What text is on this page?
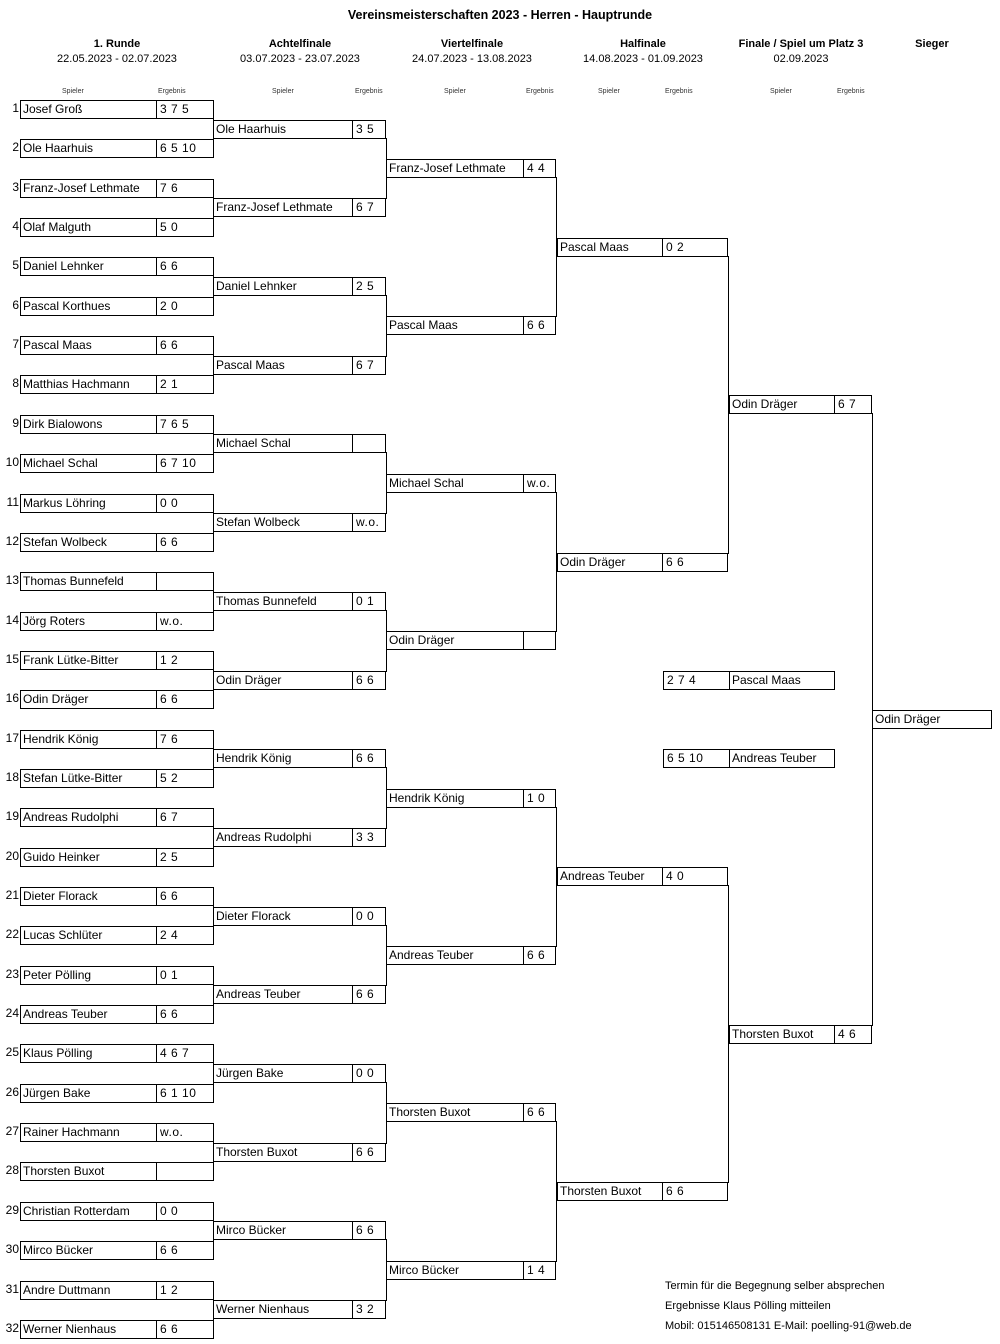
Vereinsmeisterschaften 2023 - Herren - Hauptrunde
1. Runde
22.05.2023 - 02.07.2023
Achtelfinale
03.07.2023 - 23.07.2023
Viertelfinale
24.07.2023 - 13.08.2023
Halfinale
14.08.2023 - 01.09.2023
Finale / Spiel um Platz 3
02.09.2023
Sieger
Spieler	Ergebnis	Spieler	Ergebnis	Spieler	Ergebnis	Spieler	Ergebnis	Spieler	Ergebnis
1 Josef Groß	3 7 5
2 Ole Haarhuis	6 5 10
3 Franz-Josef Lethmate	7 6
4 Olaf Malguth	5 0
5 Daniel Lehnker	6 6
6 Pascal Korthues	2 0
7 Pascal Maas	6 6
8 Matthias Hachmann	2 1
9 Dirk Bialowons	7 6 5
10 Michael Schal	6 7 10
11 Markus Löhring	0 0
12 Stefan Wolbeck	6 6
13 Thomas Bunnefeld
14 Jörg Roters	w.o.
15 Frank Lütke-Bitter	1 2
16 Odin Dräger	6 6
17 Hendrik König	7 6
18 Stefan Lütke-Bitter	5 2
19 Andreas Rudolphi	6 7
20 Guido Heinker	2 5
21 Dieter Florack	6 6
22 Lucas Schlüter	2 4
23 Peter Pölling	0 1
24 Andreas Teuber	6 6
25 Klaus Pölling	4 6 7
26 Jürgen Bake	6 1 10
27 Rainer Hachmann	w.o.
28 Thorsten Buxot
29 Christian Rotterdam	0 0
30 Mirco Bücker	6 6
31 Andre Duttmann	1 2
32 Werner Nienhaus	6 6
Ole Haarhuis	3 5
Franz-Josef Lethmate	6 7
Daniel Lehnker	2 5
Pascal Maas	6 7
Michael Schal
Stefan Wolbeck	w.o.
Thomas Bunnefeld	0 1
Odin Dräger	6 6
Hendrik König	6 6
Andreas Rudolphi	3 3
Dieter Florack	0 0
Andreas Teuber	6 6
Jürgen Bake	0 0
Thorsten Buxot	6 6
Mirco Bücker	6 6
Werner Nienhaus	3 2
Franz-Josef Lethmate	4 4
Pascal Maas	6 6
Michael Schal	w.o.
Odin Dräger
Hendrik König	1 0
Andreas Teuber	6 6
Thorsten Buxot	6 6
Mirco Bücker	1 4
Pascal Maas	0 2
Odin Dräger	6 6
Andreas Teuber	4 0
Thorsten Buxot	6 6
Odin Dräger	6 7
Thorsten Buxot	4 6
Odin Dräger
2 7 4	Pascal Maas
6 5 10	Andreas Teuber
Termin für die Begegnung selber absprechen
Ergebnisse Klaus Pölling mitteilen
Mobil: 015146508131 E-Mail: poelling-91@web.de
